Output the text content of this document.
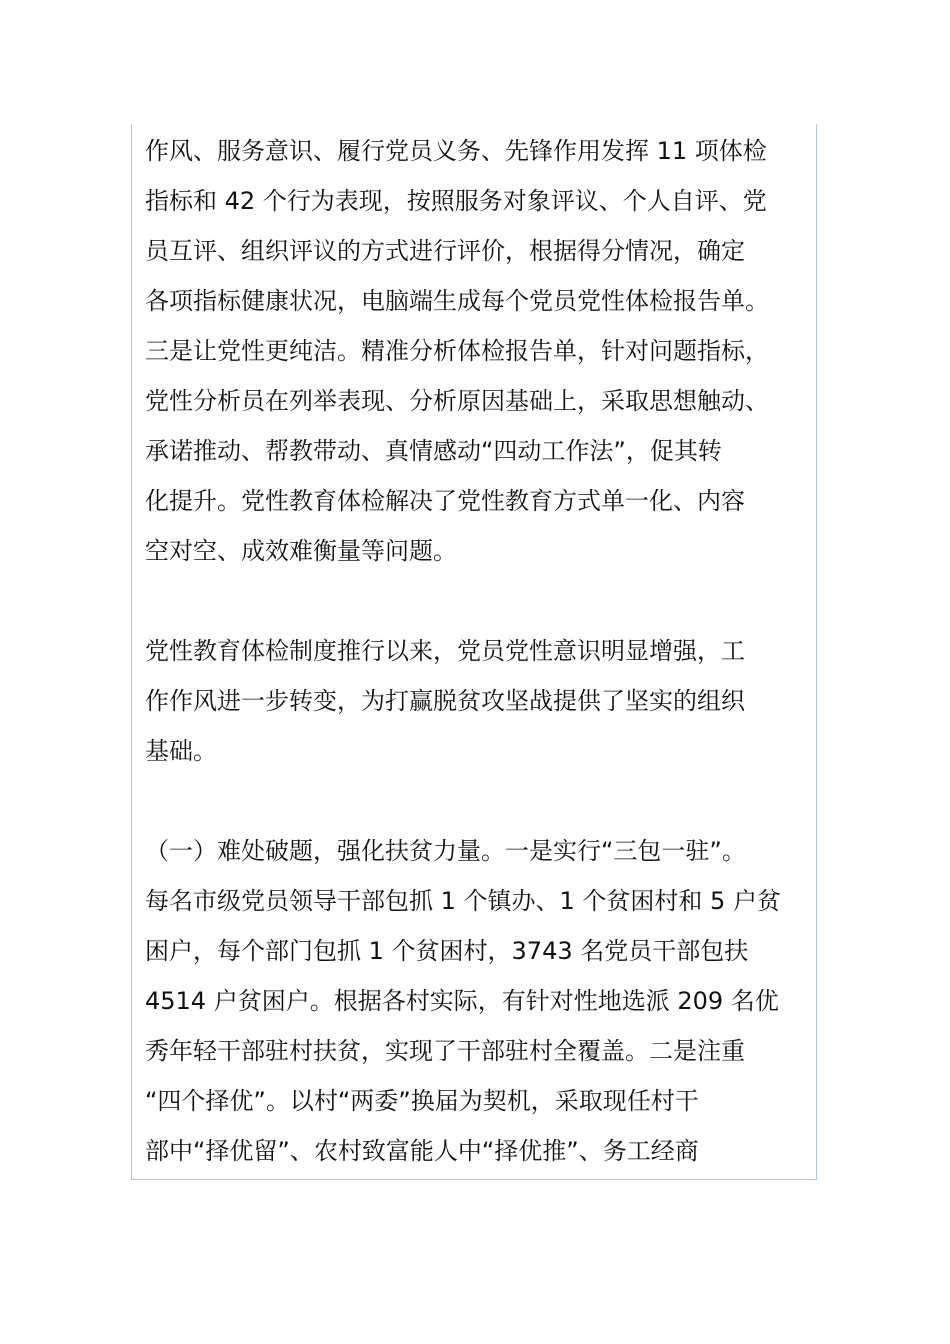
作风、服务意识、履行党员义务、先锋作用发挥 11 项体检
指标和 42 个行为表现，按照服务对象评议、个人自评、党
员互评、组织评议的方式进行评价，根据得分情况，确定
各项指标健康状况，电脑端生成每个党员党性体检报告单。
三是让党性更纯洁。精准分析体检报告单，针对问题指标，
党性分析员在列举表现、分析原因基础上，采取思想触动、
承诺推动、帮教带动、真情感动“四动工作法”，促其转
化提升。党性教育体检解决了党性教育方式单一化、内容
空对空、成效难衡量等问题。
党性教育体检制度推行以来，党员党性意识明显增强，工
作作风进一步转变，为打赢脱贫攻坚战提供了坚实的组织
基础。
（一）难处破题，强化扶贫力量。一是实行“三包一驻”。
每名市级党员领导干部包抓 1 个镇办、1 个贫困村和 5 户贫
困户，每个部门包抓 1 个贫困村，3743 名党员干部包扶
4514 户贫困户。根据各村实际，有针对性地选派 209 名优
秀年轻干部驻村扶贫，实现了干部驻村全覆盖。二是注重
“四个择优”。以村“两委”换届为契机，采取现任村干
部中“择优留”、农村致富能人中“择优推”、务工经商
